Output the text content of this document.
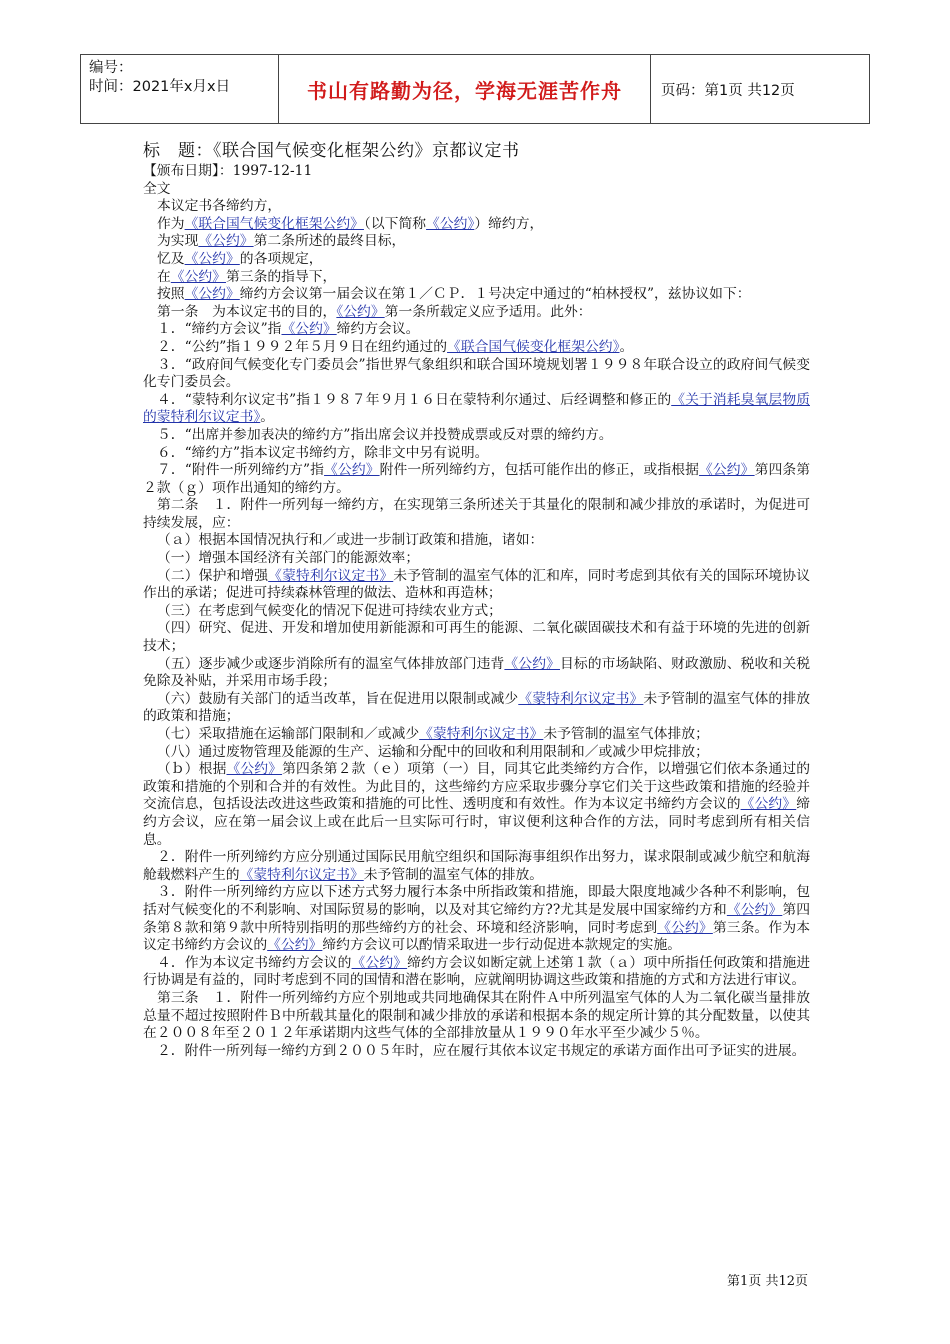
编号：
时间：2021年x月x日	书山有路勤为径，学海无涯苦作舟	页码：第1页 共12页

标　题：《联合国气候变化框架公约》京都议定书

【颁布日期】：1997-12-11

全文

本议定书各缔约方，

作为《联合国气候变化框架公约》（以下简称《公约》）缔约方，

为实现《公约》第二条所述的最终目标，

忆及《公约》的各项规定，

在《公约》第三条的指导下，

按照《公约》缔约方会议第一届会议在第１／ＣＰ．１号决定中通过的“柏林授权”，兹协议如下：

第一条　为本议定书的目的，《公约》第一条所载定义应予适用。此外：

１．“缔约方会议”指《公约》缔约方会议。

２．“公约”指１９９２年５月９日在纽约通过的《联合国气候变化框架公约》。

３．“政府间气候变化专门委员会”指世界气象组织和联合国环境规划署１９９８年联合设立的政府间气候变化专门委员会。

４．“蒙特利尔议定书”指１９８７年９月１６日在蒙特利尔通过、后经调整和修正的《关于消耗臭氧层物质的蒙特利尔议定书》。

５．“出席并参加表决的缔约方”指出席会议并投赞成票或反对票的缔约方。

６．“缔约方”指本议定书缔约方，除非文中另有说明。

７．“附件一所列缔约方”指《公约》附件一所列缔约方，包括可能作出的修正，或指根据《公约》第四条第２款（ｇ）项作出通知的缔约方。

第二条　１．附件一所列每一缔约方，在实现第三条所述关于其量化的限制和减少排放的承诺时，为促进可持续发展，应：

（ａ）根据本国情况执行和／或进一步制订政策和措施，诸如：

（一）增强本国经济有关部门的能源效率；

（二）保护和增强《蒙特利尔议定书》未予管制的温室气体的汇和库，同时考虑到其依有关的国际环境协议作出的承诺；促进可持续森林管理的做法、造林和再造林；

（三）在考虑到气候变化的情况下促进可持续农业方式；

（四）研究、促进、开发和增加使用新能源和可再生的能源、二氧化碳固碳技术和有益于环境的先进的创新技术；

（五）逐步减少或逐步消除所有的温室气体排放部门违背《公约》目标的市场缺陷、财政激励、税收和关税免除及补贴，并采用市场手段；

（六）鼓励有关部门的适当改革，旨在促进用以限制或减少《蒙特利尔议定书》未予管制的温室气体的排放的政策和措施；

（七）采取措施在运输部门限制和／或减少《蒙特利尔议定书》未予管制的温室气体排放；

（八）通过废物管理及能源的生产、运输和分配中的回收和利用限制和／或减少甲烷排放；

（ｂ）根据《公约》第四条第２款（ｅ）项第（一）目，同其它此类缔约方合作，以增强它们依本条通过的政策和措施的个别和合并的有效性。为此目的，这些缔约方应采取步骤分享它们关于这些政策和措施的经验并交流信息，包括设法改进这些政策和措施的可比性、透明度和有效性。作为本议定书缔约方会议的《公约》缔约方会议，应在第一届会议上或在此后一旦实际可行时，审议便利这种合作的方法，同时考虑到所有相关信息。

２．附件一所列缔约方应分别通过国际民用航空组织和国际海事组织作出努力，谋求限制或减少航空和航海舱载燃料产生的《蒙特利尔议定书》未予管制的温室气体的排放。

３．附件一所列缔约方应以下述方式努力履行本条中所指政策和措施，即最大限度地减少各种不利影响，包括对气候变化的不利影响、对国际贸易的影响，以及对其它缔约方??尤其是发展中国家缔约方和《公约》第四条第８款和第９款中所特别指明的那些缔约方的社会、环境和经济影响，同时考虑到《公约》第三条。作为本议定书缔约方会议的《公约》缔约方会议可以酌情采取进一步行动促进本款规定的实施。

４．作为本议定书缔约方会议的《公约》缔约方会议如断定就上述第１款（ａ）项中所指任何政策和措施进行协调是有益的，同时考虑到不同的国情和潜在影响，应就阐明协调这些政策和措施的方式和方法进行审议。

第三条　１．附件一所列缔约方应个别地或共同地确保其在附件Ａ中所列温室气体的人为二氧化碳当量排放总量不超过按照附件Ｂ中所载其量化的限制和减少排放的承诺和根据本条的规定所计算的其分配数量，以使其在２００８年至２０１２年承诺期内这些气体的全部排放量从１９９０年水平至少减少５％。

２．附件一所列每一缔约方到２００５年时，应在履行其依本议定书规定的承诺方面作出可予证实的进展。

第1页 共12页
